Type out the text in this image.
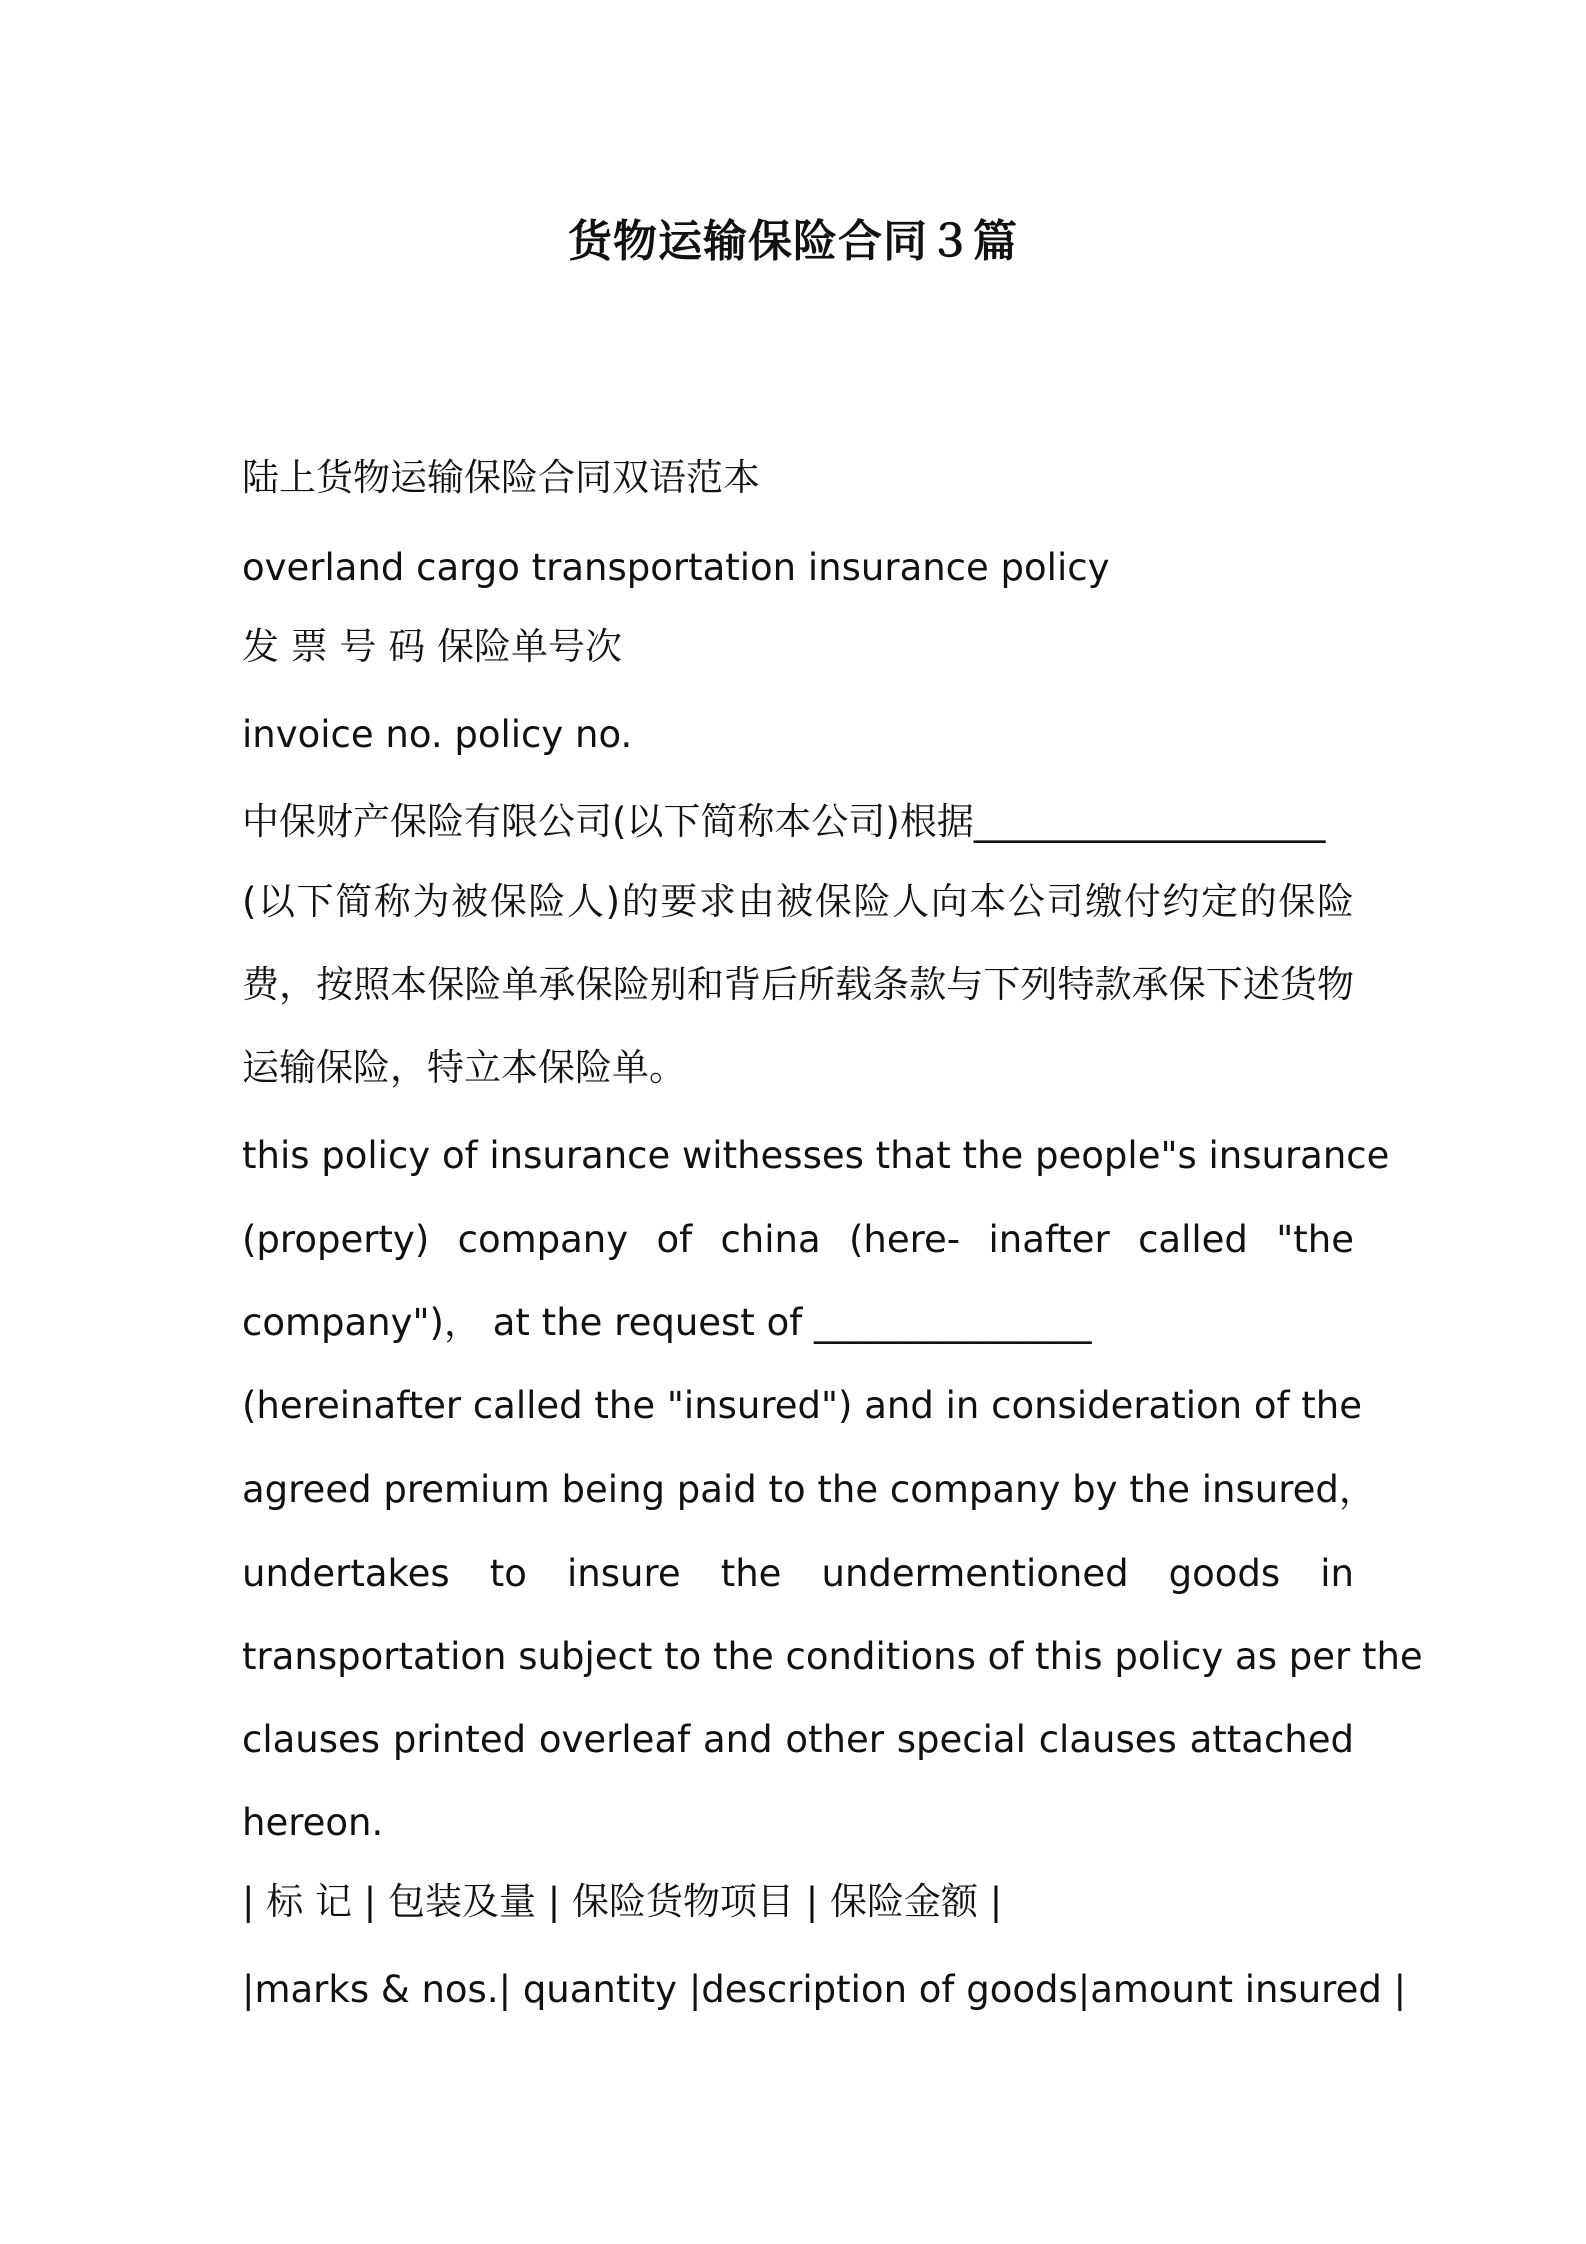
货物运输保险合同３篇
陆上货物运输保险合同双语范本
overland cargo transportation insurance policy
发 票 号 码 保险单号次
invoice no. policy no.
中保财产保险有限公司(以下简称本公司)根据___________________
(以下简称为被保险人)的要求由被保险人向本公司缴付约定的保险
费，按照本保险单承保险别和背后所载条款与下列特款承保下述货物
运输保险，特立本保险单。
this policy of insurance withesses that the people"s insurance
(property) company of china (here- inafter called "the
company")， at the request of _______________
(hereinafter called the "insured") and in consideration of the
agreed premium being paid to the company by the insured，
undertakes to insure the undermentioned goods in
transportation subject to the conditions of this policy as per the
clauses printed overleaf and other special clauses attached
hereon.
| 标 记 | 包装及量 | 保险货物项目 | 保险金额 |
|marks & nos.| quantity |description of goods|amount insured |
